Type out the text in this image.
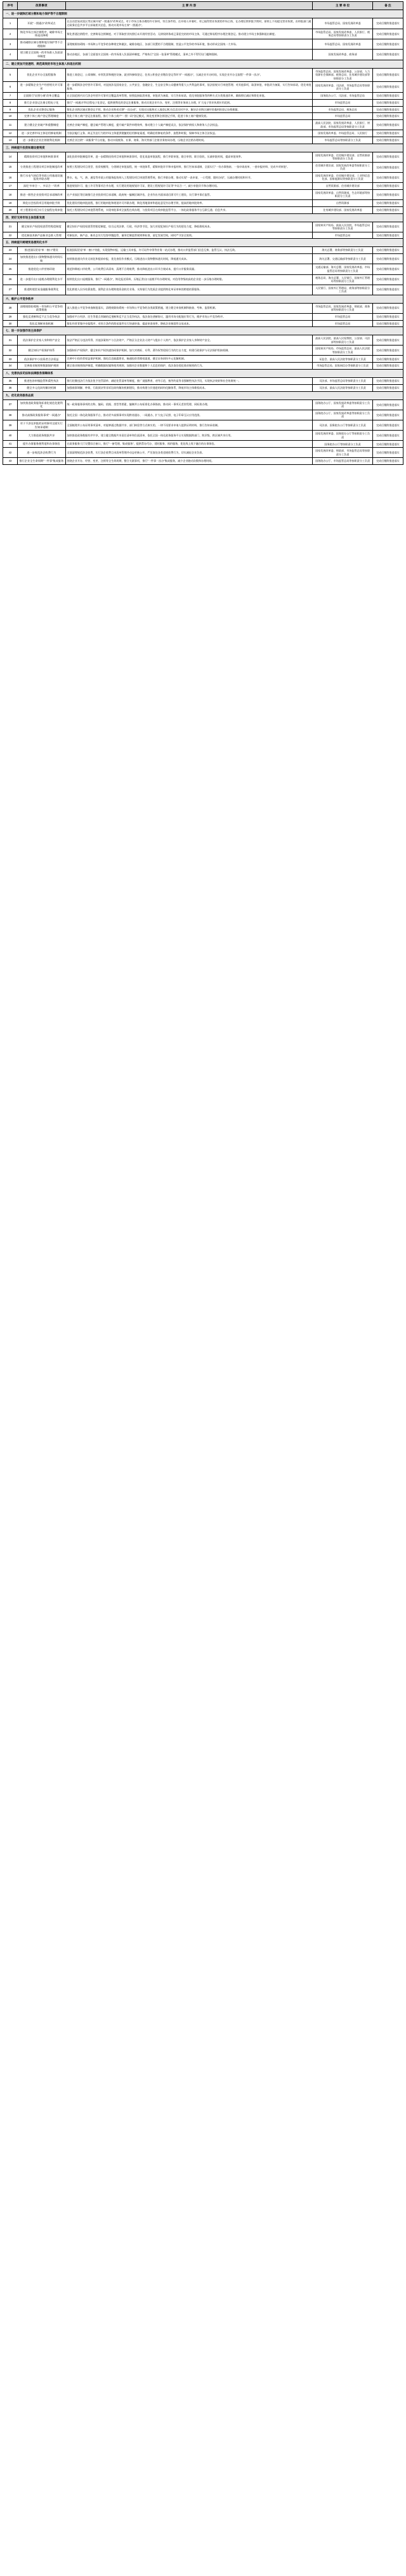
序号	改革事项	主 要 内 容	主 要 单 位	备 注
一、进一步破除区域分割和地方保护等不合理限制				
1	开展“一照通办”改革试点	在自由贸易试验区等区域开展“一照通办”改革试点，对于市场主体办理的许可事项，符合条件的，在申请人申请时，对已取得营业执照的市场主体，在办理后续审批手续时，原则上不再提交营业执照，由审批部门通过政务信息共享平台获取相关信息，推动实现市场主体“一照通办”。	市场监管总局、国家发展改革委	完成后继续推进落实
2	简化市场主体注销程序，破除市场主体退出障碍	简化普通注销程序，完善简易注销制度。对于领取营业执照后未开展经营活动、无债权债务或已清偿完结的市场主体，可通过简易程序办理注销登记。推动建立市场主体强制退出制度。	市场监管总局、国家发展改革委、人民银行、税务总局等按职责分工负责	完成后继续推进落实
3	推动破除区域分割和地方保护等不合理限制	清理废除妨碍统一市场和公平竞争的各种规定和做法，破除各地区、各部门设置的不合理限制，营造公平竞争的市场环境，推动形成全国统一大市场。	市场监管总局、国家发展改革委	完成后继续推进落实
4	建立健全全国统一的市场准入负面清单制度	推动各地区、各部门全面落实全国统一的市场准入负面清单制度，严格执行“全国一张清单”管理模式，清单之外不得另设门槛和限制。	国家发展改革委、商务部	完成后继续推进落实
二、建立更加开放透明、规范高效的市场主体准入和退出机制				
5	优化企业开办全流程服务	推进工商登记、公章刻制、申领发票和税控设备、就业和参保登记、住房公积金企业缴存登记等环节“一网通办”，压减企业开办时间，实现企业开办全流程“一件事一次办”。	市场监管总局、国家发展改革委、公安部、人力资源社会保障部、税务总局、住房城乡建设部等按职责分工负责	完成后继续推进落实
6	进一步精简企业生产经营相关许可事项	进一步精简涉企经营许可事项，对直接涉及国家安全、公共安全、金融安全、生态安全和公众健康等重大公共利益的事项，依法依规实行审批管理；对其他事项，取消审批、审批改为备案、实行告知承诺、优化审批服务。	国家发展改革委、司法部、市场监管总局等按职责分工负责	完成后继续推进落实
7	全面推行“证照分离”改革全覆盖	在全国范围内实行涉企经营许可事项全覆盖清单管理，按照直接取消审批、审批改为备案、实行告知承诺、优化审批服务等四种方式分类推进改革，确保照后减证和简化审批。	国务院办公厅、司法部、市场监管总局	完成后继续推进落实
8	推行企业登记注册全程电子化	推行“一网通办”和全程电子化登记，提供便利化的登记注册服务，推动实现企业开办、变更、注销等业务网上办理，扩大电子营业执照应用范围。	市场监管总局	完成后继续推进落实
9	优化企业迁移登记服务	简化企业跨区域迁移登记手续，推动企业跨省迁移“一次办成”，实现迁出地和迁入地登记机关信息实时共享，解决企业跨区域经营遇到的登记办理难题。	市场监管总局、税务总局	完成后继续推进落实
10	完善个体工商户登记管理制度	优化个体工商户登记注册流程，推行个体工商户“一照一码”登记模式，简化变更和注销登记手续，促进个体工商户健康发展。	市场监管总局	完成后继续推进落实
11	建立健全企业破产和重整制度	完善企业破产制度，健全破产管理人制度，提升破产案件审理效率，推动建立个人破产制度试点，依法保护债权人和债务人合法权益。	最高人民法院、国家发展改革委、人民银行、财政部、市场监管总局等按职责分工负责	完成后继续推进落实
12	进一步完善市场主体信用修复机制	为依法履行义务、纠正失信行为的市场主体提供便捷的信用修复渠道，明确信用修复的条件、流程和时限，保障市场主体合法权益。	国家发展改革委、市场监管总局、人民银行	完成后继续推进落实
13	进一步健全企业注销便利化机制	完善企业注销“一网服务”平台功能，推动实现税务、社保、商务、海关等部门注销业务协同办理，压缩企业注销办理时间。	市场监管总局等按职责分工负责	完成后继续推进落实
三、持续提升投资和建设便利度				
14	精简投资项目审批和核准事项	深化投资审批制度改革，进一步精简投资项目审批和核准事项，优化再造审批流程，推行并联审批、联合审图、联合验收，压减审批时间，提高审批效率。	国家发展改革委、住房城乡建设部、自然资源部等按职责分工负责	完成后继续推进落实
15	分类推进工程建设项目审批制度改革	按照工程建设项目类型、投资规模等，分类制定审批流程，统一审批体系，精简审批环节和申报材料，推行告知承诺制，全面实行“一份办事指南、一张申请表单、一套申报材料、完成多项审批”。	住房城乡建设部、国家发展改革委等按职责分工负责	完成后继续推进落实
16	推行水电气热信等市政公用基础设施报装并联办理	将水、电、气、热、通信等市政公用服务报装纳入工程建设项目审批管理系统，推行并联办理，推动实现“一表申请、一口受理、限时办结”，压减办理时间和环节。	国家发展改革委、住房城乡建设部、工业和信息化部、国家能源局等按职责分工负责	完成后继续推进落实
17	深化“多审合一、多证合一”改革	推进规划许可、施工许可等事项合并办理，实行建设用地规划许可证、建设工程规划许可证等“多证合一”，减少审批环节和办理时间。	自然资源部、住房城乡建设部	完成后继续推进落实
18	推进一般性企业投资项目承诺制改革	在产业园区等区域推行企业投资项目承诺制，政府统一编制区域评估，企业作出书面承诺后即可开工建设，实行事中事后监管。	国家发展改革委、自然资源部、生态环境部等按职责分工负责	完成后继续推进落实
19	简化社会投资项目用地审批手续	优化建设用地审批流程，推行用地审批和规划许可并联办理，简化用地预审和选址意见书办理手续，提高用地审批效率。	自然资源部	完成后继续推进落实
20	对工程建设项目实行全流程在线审批	依托工程建设项目审批管理系统，实现审批事项全流程在线办理，与投资项目在线审批监管平台、一体化政务服务平台互联互通、信息共享。	住房城乡建设部、国家发展改革委	完成后继续推进落实
四、更好支持市场主体创新发展				
21	健全知识产权侵权惩罚性赔偿制度	健全知识产权侵权惩罚性赔偿制度，综合运用法律、行政、经济等手段，加大对侵犯知识产权行为的惩处力度，降低维权成本。	国家知识产权局、最高人民法院、市场监管总局等按职责分工负责	完成后继续推进落实
22	优化新技术新产品新业态准入管理	对新技术、新产品、新业态实行包容审慎监管，量身定制监管规则和标准，留足发展空间，同时严守安全底线。	市场监管总局	完成后继续推进落实
五、持续提升跨境贸易便利化水平				
23	推进国际贸易“单一窗口”建设	拓展国际贸易“单一窗口”功能，实现货物申报、运输工具申报、许可证件申领等业务一站式办理，推动口岸监管部门信息互换、监管互认、执法互助。	海关总署、商务部等按职责分工负责	完成后继续推进落实
24	加快推进进出口货物整体通关时间压缩	持续推进通关作业无纸化和提前申报，优化查验作业模式，压缩进出口货物整体通关时间，降低通关成本。	海关总署、交通运输部等按职责分工负责	完成后继续推进落实
25	推进优化口岸营商环境	规范和降低口岸收费，公开收费目录清单，清理不合理收费，推动降低进出口环节合规成本，提升口岸服务质量。	交通运输部、海关总署、国家发展改革委、市场监管总局等按职责分工负责	完成后继续推进落实
26	进一步提升出口退税办理便利化水平	持续优化出口退税服务，推行“一网通办”，简化报送资料，压缩正常出口退税平均办理时间，对信用等级较高的企业进一步压缩办理时限。	税务总局、海关总署、人民银行、国家外汇管理局等按职责分工负责	完成后继续推进落实
27	推进跨境贸易金融服务便利化	优化跨境人民币结算流程，便利企业办理跨境资金收付业务，支持银行为优质企业提供简化单证审核的跨境结算服务。	人民银行、国家外汇管理局、商务部等按职责分工负责	完成后继续推进落实
六、维护公平竞争秩序				
28	清理废除妨碍统一市场和公平竞争的政策措施	深入推进公平竞争审查制度落实，清理废除妨碍统一市场和公平竞争的各类政策措施，建立健全审查机制和抽查、考核、监督机制。	市场监管总局、国家发展改革委、财政部、商务部等按职责分工负责	完成后继续推进落实
29	强化反垄断和反不正当竞争执法	加强对平台经济、民生等重点领域的反垄断和反不正当竞争执法，依法查处垄断协议、滥用市场支配地位等行为，维护市场公平竞争秩序。	市场监管总局	完成后继续推进落实
30	优化反垄断审查机制	简化经营者集中申报程序，对符合条件的简易案件实行快速审查，提高审查效率，降低企业制度性交易成本。	市场监管总局	完成后继续推进落实
七、进一步加强市场主体保护				
31	依法保护企业家人身和财产安全	依法严格区分违法所得、其他涉案财产与合法财产，严格区分企业法人财产与股东个人财产，依法保护企业家人身和财产安全。	最高人民法院、最高人民检察院、公安部、司法部等按职责分工负责	完成后继续推进落实
32	健全知识产权保护体系	加强知识产权保护，健全知识产权快速协同保护机制，加大对商标、专利、著作权等侵权行为的打击力度，构建行政保护与司法保护衔接机制。	国家知识产权局、市场监管总局、最高人民法院等按职责分工负责	完成后继续推进落实
33	依法保护中小投资者合法权益	完善中小投资者权益保护机制，强化信息披露要求，畅通投资者维权渠道，健全证券纠纷多元化解机制。	证监会、最高人民法院等按职责分工负责	完成后继续推进落实
34	完善商业秘密和数据保护规则	健全商业秘密保护制度，明确数据权属和使用规则，加强对企业数据和个人信息的保护，依法查处侵犯商业秘密的行为。	市场监管总局、国家网信办等按职责分工负责	完成后继续推进落实
八、完善执法司法和法律服务保障体系				
35	推进包容审慎监管和柔性执法	推行轻微违法行为依法免予处罚清单、减轻处罚清单等制度，推广说服教育、劝导示范、指导约谈等非强制性执法手段，实现执法效果和社会效果统一。	司法部、市场监管总局等按职责分工负责	完成后继续推进落实
36	健全多元化纠纷解决机制	加强商事调解、仲裁、行政裁决等非诉讼纠纷解决机制建设，推动构建分层递进的纠纷化解体系，降低市场主体维权成本。	司法部、最高人民法院等按职责分工负责	完成后继续推进落实
九、优化政务服务品质				
37	加快推进政务服务标准化规范化便利化	统一政务服务事项的名称、编码、依据、类型等要素，编制并公布标准化办事指南，推动同一事项无差别受理、同标准办理。	国务院办公厅、国家发展改革委等按职责分工负责	完成后继续推进落实
38	推动高频政务服务事项“一网通办”	依托全国一体化政务服务平台，推动更多高频事项实现跨省通办、一网通办，扩大电子证照、电子印章互认应用范围。	国务院办公厅、国家发展改革委等按职责分工负责	完成后继续推进落实
39	对于不涉及审批的证明事项全面实行告知承诺制	全面梳理并公布证明事项清单，对能够通过数据共享、部门核验等方式核实的，一律不再要求申请人提供证明材料，推行告知承诺制。	司法部、国务院办公厅等按职责分工负责	完成后继续推进落实
40	大力推进政务数据共享	加快推进政务数据有序共享，建立健全数据共享责任清单和负面清单，依托全国一体化政务服务平台实现数据跨部门、跨层级、跨区域共享应用。	国家发展改革委、国务院办公厅等按职责分工负责	完成后继续推进落实
41	提升办事服务便利度和办事体验	在政务服务大厅设置综合窗口，推行“一窗受理、集成服务”，提供帮办代办、延时服务、预约服务，优化线上线下融合的办事体验。	国务院办公厅等按职责分工负责	完成后继续推进落实
42	进一步规范涉企收费行为	全面清理规范涉企收费，实行涉企收费目录清单管理并动态更新公开，严厉查处各类违规收费行为，切实减轻企业负担。	国家发展改革委、财政部、市场监管总局等按职责分工负责	完成后继续推进落实
43	推行企业全生命周期“一件事”集成服务	围绕企业开办、经营、变更、注销等全生命周期，整合关联事项，推行“一件事一次办”集成服务，减少企业跑动次数和办理时间。	国务院办公厅、市场监管总局等按职责分工负责	完成后继续推进落实
